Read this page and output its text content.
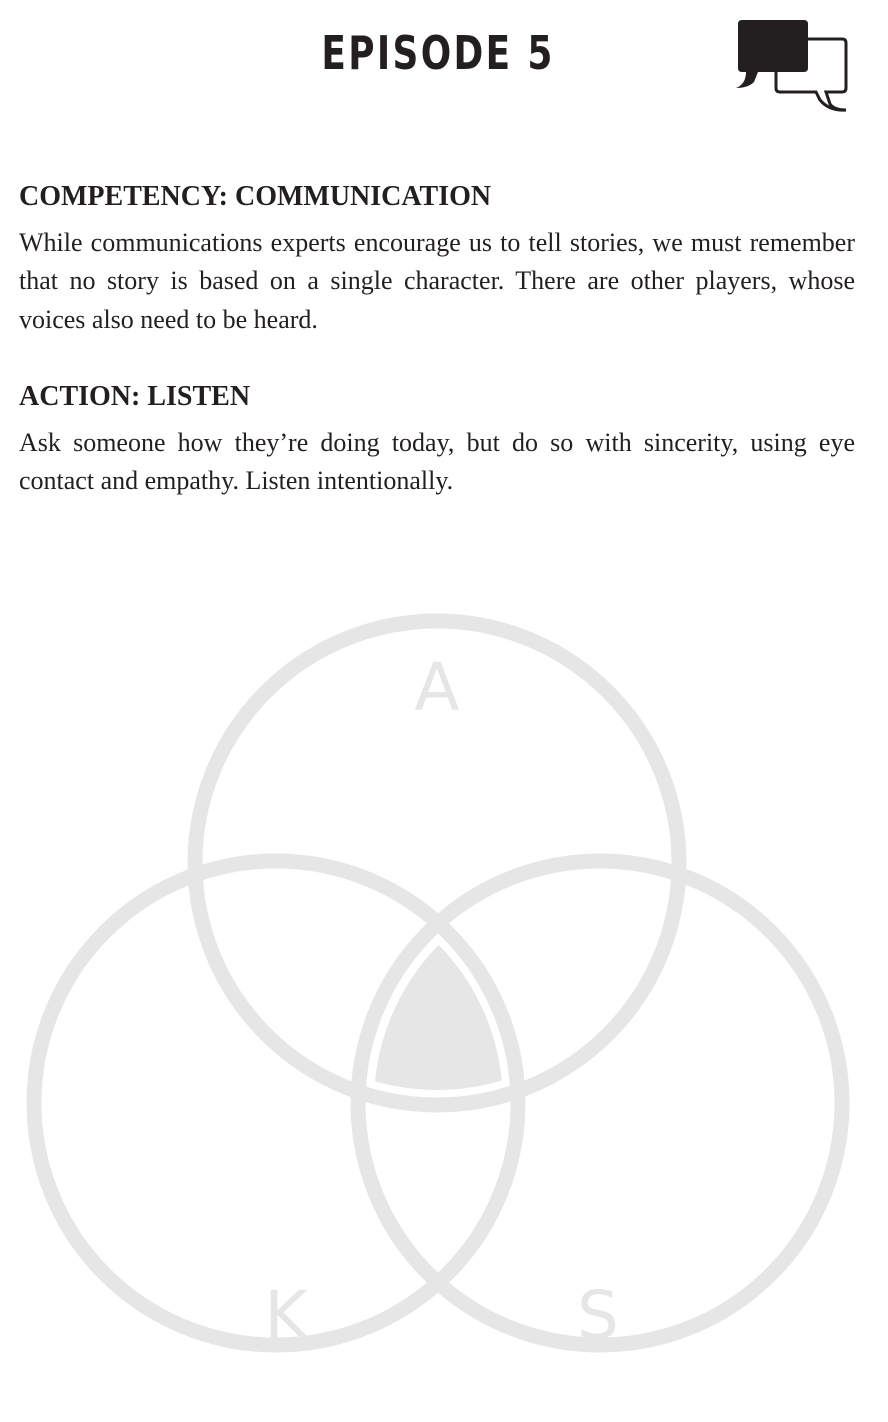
EPISODE 5
COMPETENCY: COMMUNICATION

While communications experts encourage us to tell stories, we must remember that no story is based on a single character. There are other players, whose voices also need to be heard.

ACTION: LISTEN

Ask someone how they’re doing today, but do so with sincerity, using eye contact and empathy. Listen intentionally.

A
K	S
